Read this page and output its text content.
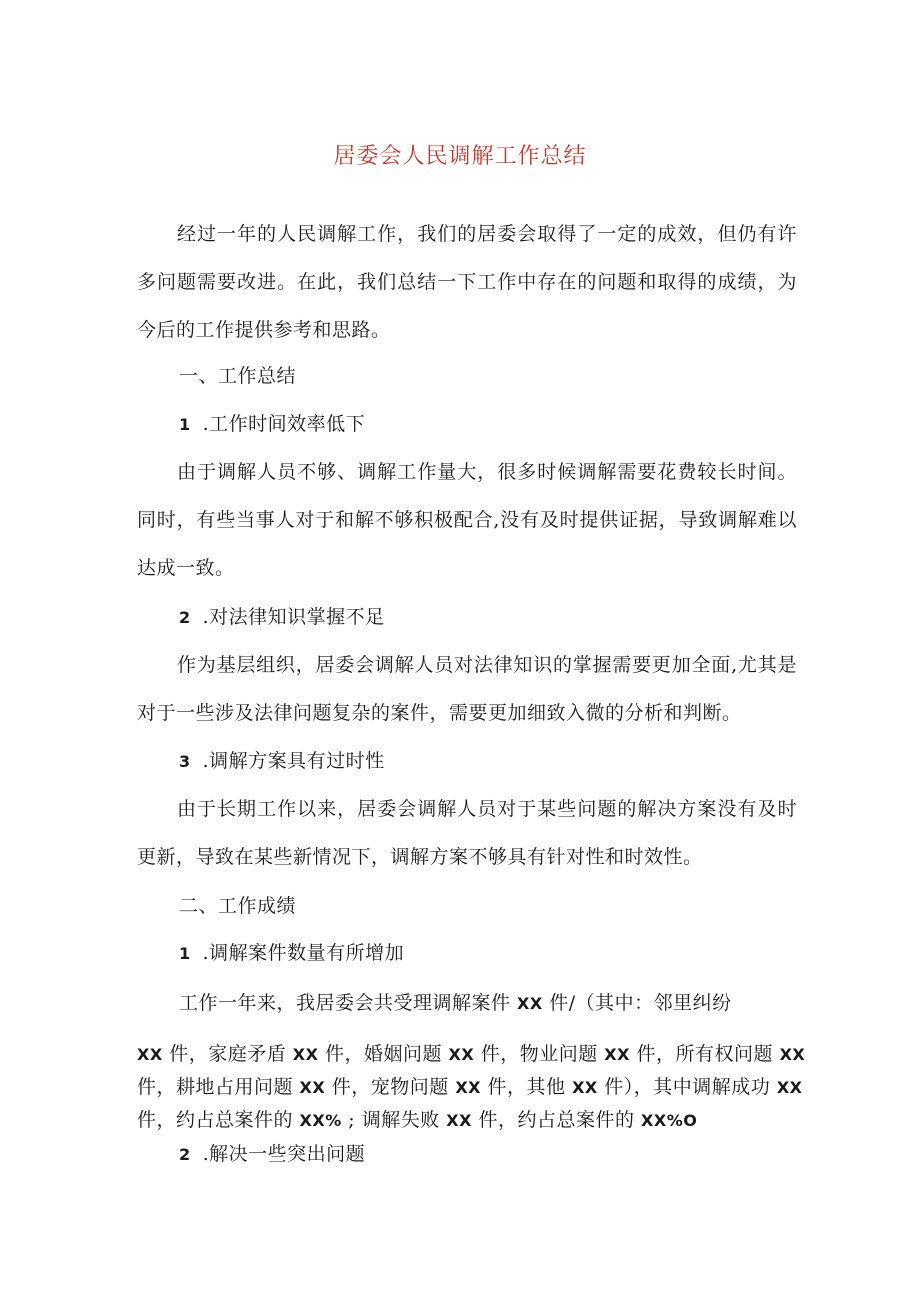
居委会人民调解工作总结

经过一年的人民调解工作，我们的居委会取得了一定的成效，但仍有许多问题需要改进。在此，我们总结一下工作中存在的问题和取得的成绩，为今后的工作提供参考和思路。

一、工作总结
1 .工作时间效率低下

由于调解人员不够、调解工作量大，很多时候调解需要花费较长时间。同时，有些当事人对于和解不够积极配合,没有及时提供证据，导致调解难以达成一致。

2 .对法律知识掌握不足

作为基层组织，居委会调解人员对法律知识的掌握需要更加全面,尤其是对于一些涉及法律问题复杂的案件，需要更加细致入微的分析和判断。

3 .调解方案具有过时性

由于长期工作以来，居委会调解人员对于某些问题的解决方案没有及时更新，导致在某些新情况下，调解方案不够具有针对性和时效性。

二、工作成绩
1 .调解案件数量有所增加
工作一年来，我居委会共受理调解案件 XX 件/（其中：邻里纠纷
XX 件，家庭矛盾 XX 件，婚姻问题 XX 件，物业问题 XX 件，所有权问题 XX
件，耕地占用问题 XX 件，宠物问题 XX 件，其他 XX 件），其中调解成功 XX
件，约占总案件的 XX% ; 调解失败 XX 件，约占总案件的 XX%O
2 .解决一些突出问题
